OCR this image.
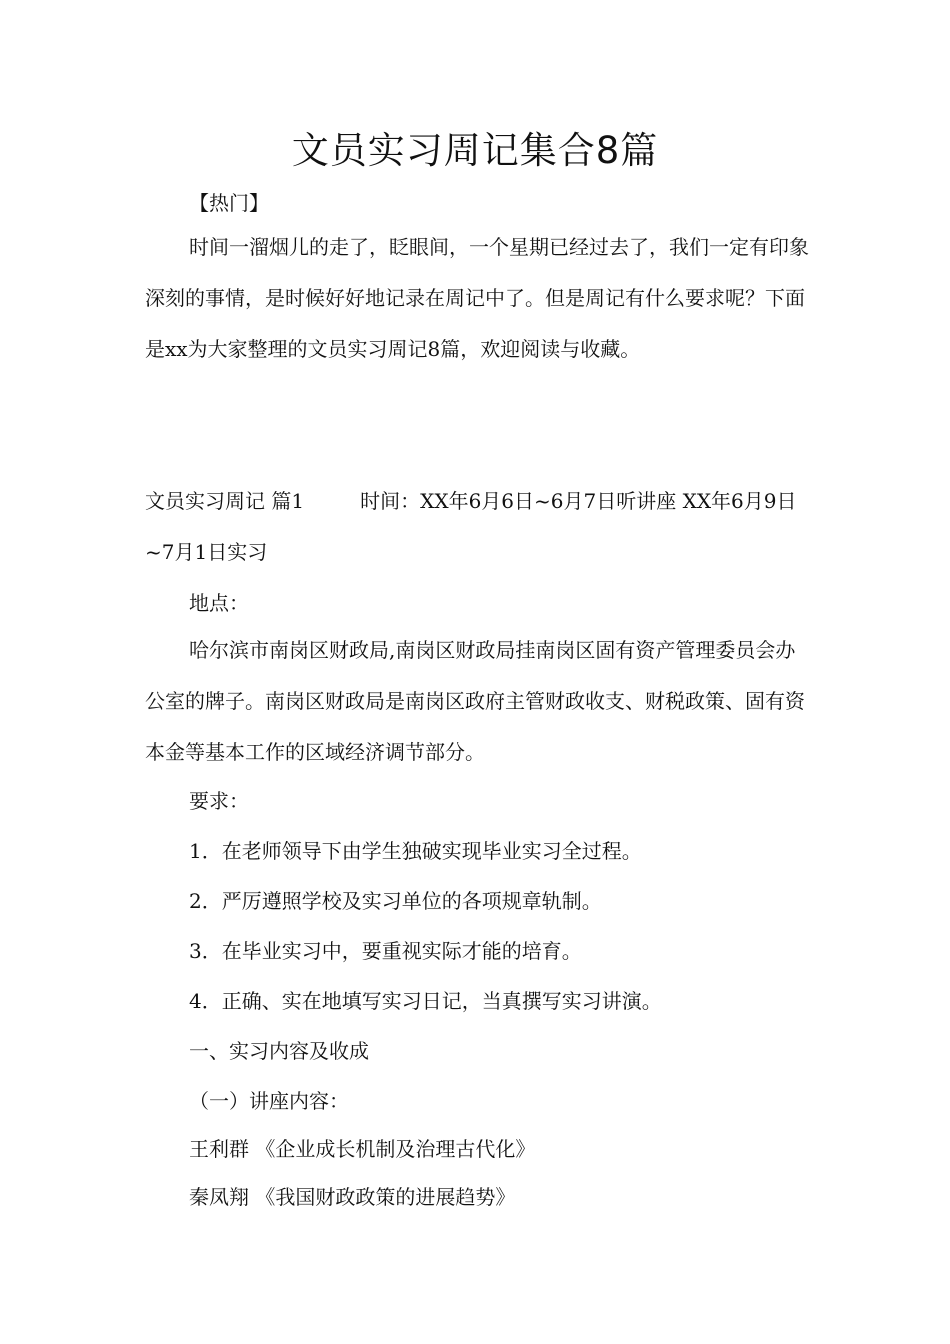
文员实习周记集合8篇

【热门】

时间一溜烟儿的走了，眨眼间，一个星期已经过去了，我们一定有印象深刻的事情，是时候好好地记录在周记中了。但是周记有什么要求呢？下面是xx为大家整理的文员实习周记8篇，欢迎阅读与收藏。

文员实习周记 篇1	时间：XX年6月6日~6月7日听讲座 XX年6月9日~7月1日实习

地点：

哈尔滨市南岗区财政局,南岗区财政局挂南岗区固有资产管理委员会办公室的牌子。南岗区财政局是南岗区政府主管财政收支、财税政策、固有资本金等基本工作的区域经济调节部分。

要求：

1．在老师领导下由学生独破实现毕业实习全过程。

2．严厉遵照学校及实习单位的各项规章轨制。

3．在毕业实习中，要重视实际才能的培育。

4．正确、实在地填写实习日记，当真撰写实习讲演。

一、实习内容及收成

（一）讲座内容：

王利群 《企业成长机制及治理古代化》

秦凤翔 《我国财政政策的进展趋势》
